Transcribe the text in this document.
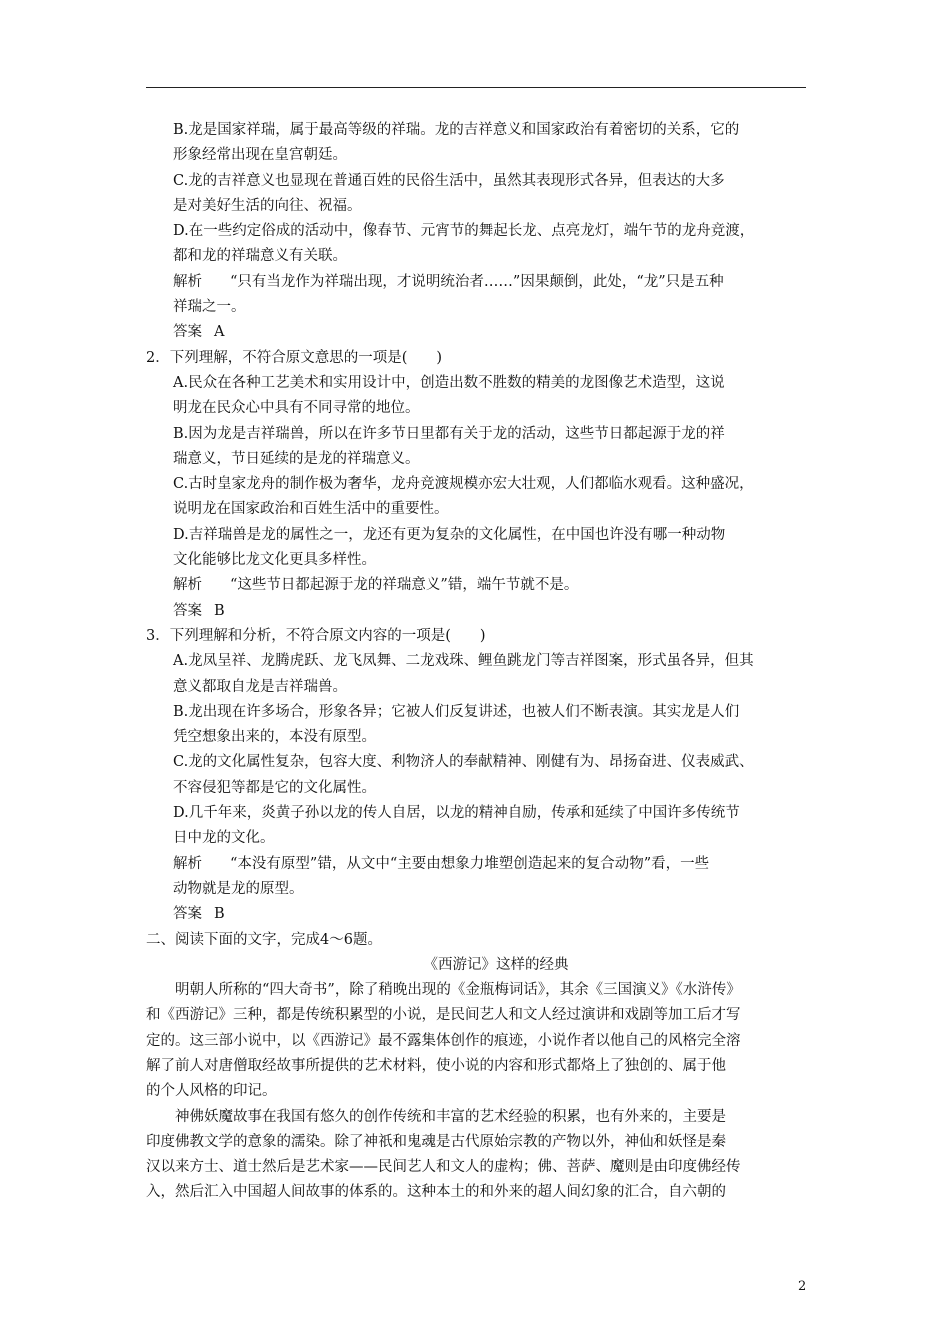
B.龙是国家祥瑞，属于最高等级的祥瑞。龙的吉祥意义和国家政治有着密切的关系，它的
形象经常出现在皇宫朝廷。
C.龙的吉祥意义也显现在普通百姓的民俗生活中，虽然其表现形式各异，但表达的大多
是对美好生活的向往、祝福。
D.在一些约定俗成的活动中，像春节、元宵节的舞起长龙、点亮龙灯，端午节的龙舟竞渡，
都和龙的祥瑞意义有关联。
解析 “只有当龙作为祥瑞出现，才说明统治者……”因果颠倒，此处，“龙”只是五种
祥瑞之一。
答案 A
2．下列理解，不符合原文意思的一项是(　　)
A.民众在各种工艺美术和实用设计中，创造出数不胜数的精美的龙图像艺术造型，这说
明龙在民众心中具有不同寻常的地位。
B.因为龙是吉祥瑞兽，所以在许多节日里都有关于龙的活动，这些节日都起源于龙的祥
瑞意义，节日延续的是龙的祥瑞意义。
C.古时皇家龙舟的制作极为奢华，龙舟竞渡规模亦宏大壮观，人们都临水观看。这种盛况，
说明龙在国家政治和百姓生活中的重要性。
D.吉祥瑞兽是龙的属性之一，龙还有更为复杂的文化属性，在中国也许没有哪一种动物
文化能够比龙文化更具多样性。
解析 “这些节日都起源于龙的祥瑞意义”错，端午节就不是。
答案 B
3．下列理解和分析，不符合原文内容的一项是(　　)
A.龙凤呈祥、龙腾虎跃、龙飞凤舞、二龙戏珠、鲤鱼跳龙门等吉祥图案，形式虽各异，但其
意义都取自龙是吉祥瑞兽。
B.龙出现在许多场合，形象各异；它被人们反复讲述，也被人们不断表演。其实龙是人们
凭空想象出来的，本没有原型。
C.龙的文化属性复杂，包容大度、利物济人的奉献精神、刚健有为、昂扬奋进、仪表威武、
不容侵犯等都是它的文化属性。
D.几千年来，炎黄子孙以龙的传人自居，以龙的精神自励，传承和延续了中国许多传统节
日中龙的文化。
解析 “本没有原型”错，从文中“主要由想象力堆塑创造起来的复合动物”看，一些
动物就是龙的原型。
答案 B
二、阅读下面的文字，完成4～6题。
《西游记》这样的经典
明朝人所称的“四大奇书”，除了稍晚出现的《金瓶梅词话》，其余《三国演义》《水浒传》
和《西游记》三种，都是传统积累型的小说，是民间艺人和文人经过演讲和戏剧等加工后才写
定的。这三部小说中，以《西游记》最不露集体创作的痕迹，小说作者以他自己的风格完全溶
解了前人对唐僧取经故事所提供的艺术材料，使小说的内容和形式都烙上了独创的、属于他
的个人风格的印记。
神佛妖魔故事在我国有悠久的创作传统和丰富的艺术经验的积累，也有外来的，主要是
印度佛教文学的意象的濡染。除了神祇和鬼魂是古代原始宗教的产物以外，神仙和妖怪是秦
汉以来方士、道士然后是艺术家——民间艺人和文人的虚构；佛、菩萨、魔则是由印度佛经传
入，然后汇入中国超人间故事的体系的。这种本土的和外来的超人间幻象的汇合，自六朝的
2
